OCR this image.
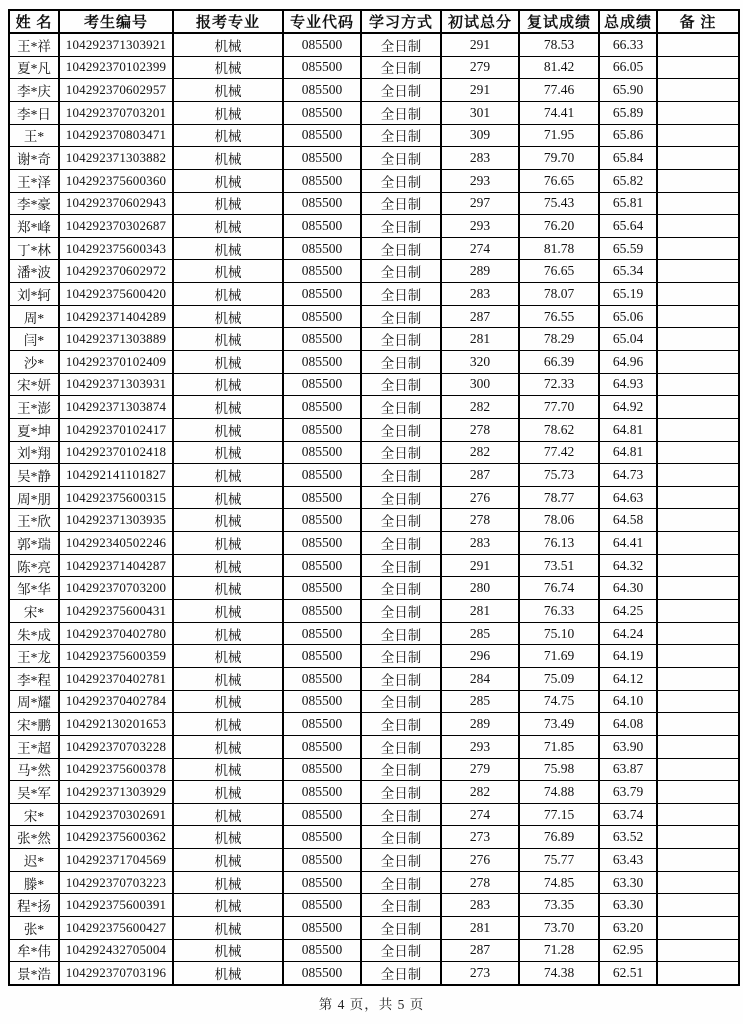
姓 名	考生编号	报考专业	专业代码	学习方式	初试总分	复试成绩	总成绩	备 注
王*祥	104292371303921	机械	085500	全日制	291	78.53	66.33	
夏*凡	104292370102399	机械	085500	全日制	279	81.42	66.05	
李*庆	104292370602957	机械	085500	全日制	291	77.46	65.90	
李*日	104292370703201	机械	085500	全日制	301	74.41	65.89	
王*	104292370803471	机械	085500	全日制	309	71.95	65.86	
谢*奇	104292371303882	机械	085500	全日制	283	79.70	65.84	
王*泽	104292375600360	机械	085500	全日制	293	76.65	65.82	
李*豪	104292370602943	机械	085500	全日制	297	75.43	65.81	
郑*峰	104292370302687	机械	085500	全日制	293	76.20	65.64	
丁*林	104292375600343	机械	085500	全日制	274	81.78	65.59	
潘*波	104292370602972	机械	085500	全日制	289	76.65	65.34	
刘*轲	104292375600420	机械	085500	全日制	283	78.07	65.19	
周*	104292371404289	机械	085500	全日制	287	76.55	65.06	
闫*	104292371303889	机械	085500	全日制	281	78.29	65.04	
沙*	104292370102409	机械	085500	全日制	320	66.39	64.96	
宋*妍	104292371303931	机械	085500	全日制	300	72.33	64.93	
王*澎	104292371303874	机械	085500	全日制	282	77.70	64.92	
夏*坤	104292370102417	机械	085500	全日制	278	78.62	64.81	
刘*翔	104292370102418	机械	085500	全日制	282	77.42	64.81	
吴*静	104292141101827	机械	085500	全日制	287	75.73	64.73	
周*朋	104292375600315	机械	085500	全日制	276	78.77	64.63	
王*欣	104292371303935	机械	085500	全日制	278	78.06	64.58	
郭*瑞	104292340502246	机械	085500	全日制	283	76.13	64.41	
陈*亮	104292371404287	机械	085500	全日制	291	73.51	64.32	
邹*华	104292370703200	机械	085500	全日制	280	76.74	64.30	
宋*	104292375600431	机械	085500	全日制	281	76.33	64.25	
朱*成	104292370402780	机械	085500	全日制	285	75.10	64.24	
王*龙	104292375600359	机械	085500	全日制	296	71.69	64.19	
李*程	104292370402781	机械	085500	全日制	284	75.09	64.12	
周*耀	104292370402784	机械	085500	全日制	285	74.75	64.10	
宋*鹏	104292130201653	机械	085500	全日制	289	73.49	64.08	
王*超	104292370703228	机械	085500	全日制	293	71.85	63.90	
马*然	104292375600378	机械	085500	全日制	279	75.98	63.87	
吴*军	104292371303929	机械	085500	全日制	282	74.88	63.79	
宋*	104292370302691	机械	085500	全日制	274	77.15	63.74	
张*然	104292375600362	机械	085500	全日制	273	76.89	63.52	
迟*	104292371704569	机械	085500	全日制	276	75.77	63.43	
滕*	104292370703223	机械	085500	全日制	278	74.85	63.30	
程*扬	104292375600391	机械	085500	全日制	283	73.35	63.30	
张*	104292375600427	机械	085500	全日制	281	73.70	63.20	
牟*伟	104292432705004	机械	085500	全日制	287	71.28	62.95	
景*浩	104292370703196	机械	085500	全日制	273	74.38	62.51	
第 4 页，共 5 页
